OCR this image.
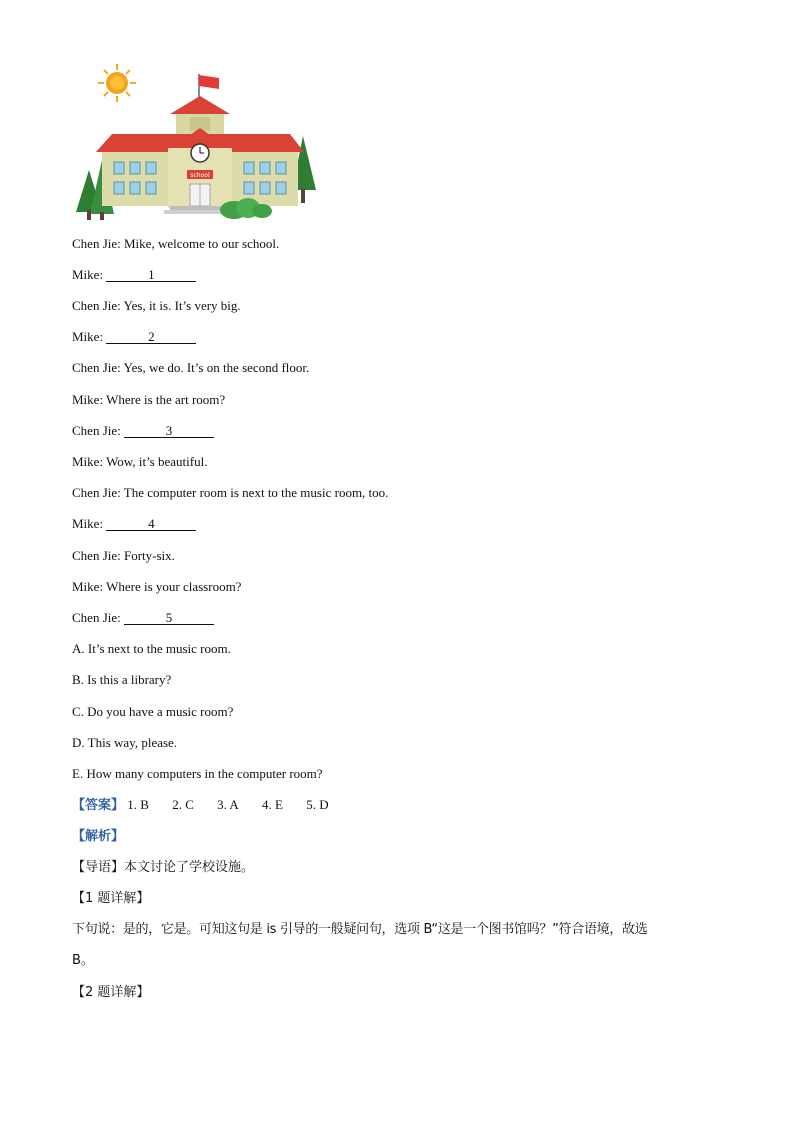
school
Chen Jie: Mike, welcome to our school.
Mike:	1
Chen Jie: Yes, it is. It’s very big.
Mike:	2
Chen Jie: Yes, we do. It’s on the second floor.
Mike: Where is the art room?
Chen Jie:	3
Mike: Wow, it’s beautiful.
Chen Jie: The computer room is next to the music room, too.
Mike:	4
Chen Jie: Forty-six.
Mike: Where is your classroom?
Chen Jie:	5
A. It’s next to the music room.
B. Is this a library?
C. Do you have a music room?
D. This way, please.
E. How many computers in the computer room?
【答案】 1. B 2. C 3. A 4. E 5. D
【解析】
【导语】本文讨论了学校设施。
【1 题详解】
下句说：是的，它是。可知这句是 is 引导的一般疑问句，选项 B“这是一个图书馆吗？”符合语境，故选
B。
【2 题详解】
